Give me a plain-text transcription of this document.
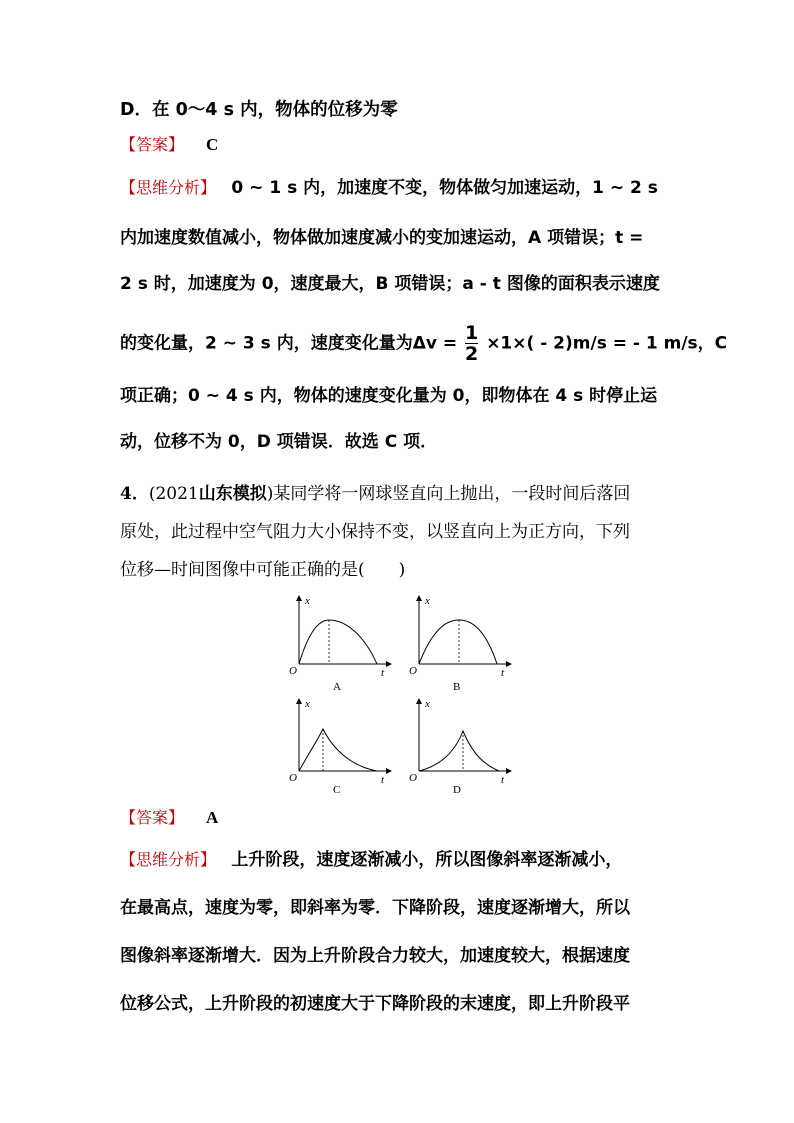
D．在 0～4 s 内，物体的位移为零
【答案】 C
【思维分析】 0 ~ 1 s 内，加速度不变，物体做匀加速运动，1 ~ 2 s
内加速度数值减小，物体做加速度减小的变加速运动，A 项错误；t =
2 s 时，加速度为 0，速度最大，B 项错误；a - t 图像的面积表示速度
的变化量，2 ~ 3 s 内，速度变化量为$\Delta v = \frac{1}{2} \times 1\times( - 2)m/s$ = - 1 m/s，C
项正确；0 ~ 4 s 内，物体的速度变化量为 0，即物体在 4 s 时停止运
动，位移不为 0，D 项错误．故选 C 项．
4．(2021山东模拟)某同学将一网球竖直向上抛出，一段时间后落回
原处，此过程中空气阻力大小保持不变，以竖直向上为正方向，下列
位移—时间图像中可能正确的是(　　)
x
t
O
A
x
t
O
B
x
t
O
C
x
t
O
D
【答案】 A
【思维分析】 上升阶段，速度逐渐减小，所以图像斜率逐渐减小，
在最高点，速度为零，即斜率为零．下降阶段，速度逐渐增大，所以
图像斜率逐渐增大．因为上升阶段合力较大，加速度较大，根据速度
位移公式，上升阶段的初速度大于下降阶段的末速度，即上升阶段平
